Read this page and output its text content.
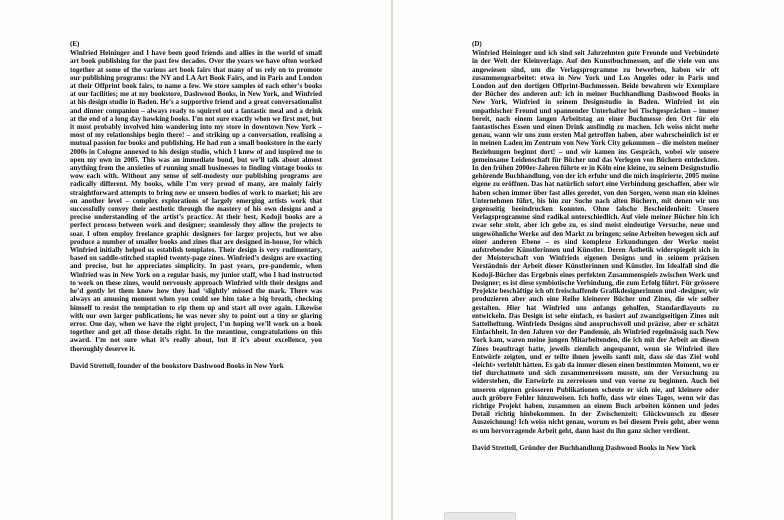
(E)
Winfried Heininger and I have been good friends and allies in the world of small art book publishing for the past few decades. Over the years we have often worked together at some of the various art book fairs that many of us rely on to promote our publishing programs: the NY and LA Art Book Fairs, and in Paris and London at their Offprint book fairs, to name a few. We store samples of each other’s books at our facilities; me at my bookstore, Dashwood Books, in New York, and Winfried at his design studio in Baden. He’s a supportive friend and a great conversationalist and dinner companion – always ready to squirrel out a fantastic meal and a drink at the end of a long day hawking books. I’m not sure exactly when we first met, but it most probably involved him wandering into my store in downtown New York – most of my relationships begin there! – and striking up a conversation, realising a mutual passion for books and publishing. He had run a small bookstore in the early 2000s in Cologne annexed to his design studio, which I knew of and inspired me to open my own in 2005. This was an immediate bond, but we’ll talk about almost anything from the anxieties of running small businesses to finding vintage books to wow each with. Without any sense of self-modesty our publishing programs are radically different. My books, while I’m very proud of many, are mainly fairly straightforward attempts to bring new or unseen bodies of work to market; his are on another level – complex explorations of largely emerging artists work that successfully convey their aesthetic through the mastery of his own designs and a precise understanding of the artist’s practice. At their best, Kodoji books are a perfect process between work and designer; seamlessly they allow the projects to soar. I often employ freelance graphic designers for larger projects, but we also produce a number of smaller books and zines that are designed in-house, for which Winfried initially helped us establish templates. Their design is very rudimentary, based on saddle-stitched stapled twenty-page zines. Winfried’s designs are exacting and precise, but he appreciates simplicity. In past years, pre-pandemic, when Winfried was in New York on a regular basis, my junior staff, who I had instructed to work on these zines, would nervously approach Winfried with their designs and he’d gently let them know how they had ‘slightly’ missed the mark. There was always an amusing moment when you could see him take a big breath, checking himself to resist the temptation to rip them up and start all over again. Likewise with our own larger publications, he was never shy to point out a tiny or glaring error. One day, when we have the right project, I’m hoping we’ll work on a book together and get all those details right. In the meantime, congratulations on this award. I’m not sure what it’s really about, but if it’s about excellence, you thoroughly deserve it.
David Strettell, founder of the bookstore Dashwood Books in New York
(D)
Winfried Heininger und ich sind seit Jahrzehnten gute Freunde und Verbündete in der Welt der Kleinverlage. Auf den Kunstbuchmessen, auf die viele von uns angewiesen sind, um die Verlagsprogramme zu bewerben, haben wir oft zusammengearbeitet: etwa in New York und Los Angeles oder in Paris und London auf den dortigen Offprint-Buchmessen. Beide bewahren wir Exemplare der Bücher des anderen auf: ich in meiner Buchhandlung Dashwood Books in New York, Winfried in seinem Designstudio in Baden. Winfried ist ein empathischer Freund und spannender Unterhalter bei Tischgesprächen – immer bereit, nach einem langen Arbeitstag an einer Buchmesse den Ort für ein fantastisches Essen und einen Drink ausfindig zu machen. Ich weiss nicht mehr genau, wann wir uns zum ersten Mal getroffen haben, aber wahrscheinlich ist er in meinen Laden im Zentrum von New York City gekommen – die meisten meiner Beziehungen beginnt dort! – und wir kamen ins Gespräch, wobei wir unsere gemeinsame Leidenschaft für Bücher und das Verlegen von Büchern entdeckten. In den frühen 2000er-Jahren führte er in Köln eine kleine, zu seinem Designstudio gehörende Buchhandlung, von der ich erfuhr und die mich inspirierte, 2005 meine eigene zu eröffnen. Das hat natürlich sofort eine Verbindung geschaffen, aber wir haben schon immer über fast alles geredet, von den Sorgen, wenn man ein kleines Unternehmen führt, bis hin zur Suche nach alten Büchern, mit denen wir uns gegenseitig beeindrucken konnten. Ohne falsche Bescheidenheit: Unsere Verlagsprogramme sind radikal unterschiedlich. Auf viele meiner Bücher bin ich zwar sehr stolz, aber ich gebe zu, es sind meist eindeutige Versuche, neue und ungewöhnliche Werke auf den Markt zu bringen; seine Arbeiten bewegen sich auf einer anderen Ebene – es sind komplexe Erkundungen der Werke meist aufstrebender Künstlerinnen und Künstler. Deren Ästhetik widerspiegelt sich in der Meisterschaft von Winfrieds eigenen Designs und in seinem präzisen Verständnis der Arbeit dieser Künstlerinnen und Künstler. Im Idealfall sind die Kodoji-Bücher das Ergebnis eines perfekten Zusammenspiels zwischen Werk und Designer; es ist diese symbiotische Verbindung, die zum Erfolg führt. Für grössere Projekte beschäftige ich oft freischaffende Grafikdesignerinnen und -designer, wir produzieren aber auch eine Reihe kleinerer Bücher und Zines, die wir selber gestalten. Hier hat Winfried uns anfangs geholfen, Standardlayouts zu entwickeln. Das Design ist sehr einfach, es basiert auf zwanzigseitigen Zines mit Sattelheftung. Winfrieds Designs sind anspruchsvoll und präzise, aber er schätzt Einfachheit. In den Jahren vor der Pandemie, als Winfried regelmässig nach New York kam, waren meine jungen Mitarbeitenden, die ich mit der Arbeit an diesen Zines beauftragt hatte, jeweils ziemlich angespannt, wenn sie Winfried ihre Entwürfe zeigten, und er teilte ihnen jeweils sanft mit, dass sie das Ziel wohl «leicht» verfehlt hätten. Es gab da immer diesen einen bestimmten Moment, wo er tief durchatmete und sich zusammenreissen musste, um der Versuchung zu widerstehen, die Entwürfe zu zerreissen und von vorne zu beginnen. Auch bei unseren eigenen grösseren Publikationen scheute er sich nie, auf kleinere oder auch gröbere Fehler hinzuweisen. Ich hoffe, dass wir eines Tages, wenn wir das richtige Projekt haben, zusammen an einem Buch arbeiten können und jedes Detail richtig hinbekommen. In der Zwischenzeit: Glückwunsch zu dieser Auszeichnung! Ich weiss nicht genau, worum es bei diesem Preis geht, aber wenn es um hervorragende Arbeit geht, dann hast du ihn ganz sicher verdient.
David Strettell, Gründer der Buchhandlung Dashwood Books in New York
